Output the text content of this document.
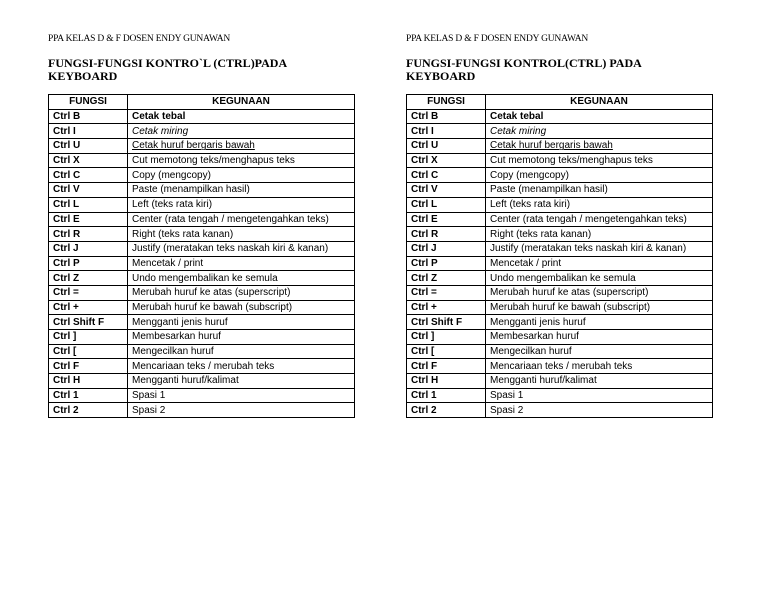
PPA KELAS D & F DOSEN ENDY GUNAWAN
FUNGSI-FUNGSI KONTRO`L (CTRL)PADA
KEYBOARD
FUNGSI	KEGUNAAN
Ctrl B	Cetak tebal
Ctrl I	Cetak miring
Ctrl U	Cetak huruf bergaris bawah
Ctrl X	Cut memotong teks/menghapus teks
Ctrl C	Copy (mengcopy)
Ctrl V	Paste (menampilkan hasil)
Ctrl L	Left (teks rata kiri)
Ctrl E	Center (rata tengah / mengetengahkan teks)
Ctrl R	Right (teks rata kanan)
Ctrl J	Justify (meratakan teks naskah kiri & kanan)
Ctrl P	Mencetak / print
Ctrl Z	Undo mengembalikan ke semula
Ctrl =	Merubah huruf ke atas (superscript)
Ctrl +	Merubah huruf ke bawah (subscript)
Ctrl Shift F	Mengganti jenis huruf
Ctrl ]	Membesarkan huruf
Ctrl [	Mengecilkan huruf
Ctrl F	Mencariaan teks / merubah teks
Ctrl H	Mengganti huruf/kalimat
Ctrl 1	Spasi 1
Ctrl 2	Spasi 2
PPA KELAS D & F DOSEN ENDY GUNAWAN
FUNGSI-FUNGSI KONTROL(CTRL) PADA
KEYBOARD
FUNGSI	KEGUNAAN
Ctrl B	Cetak tebal
Ctrl I	Cetak miring
Ctrl U	Cetak huruf bergaris bawah
Ctrl X	Cut memotong teks/menghapus teks
Ctrl C	Copy (mengcopy)
Ctrl V	Paste (menampilkan hasil)
Ctrl L	Left (teks rata kiri)
Ctrl E	Center (rata tengah / mengetengahkan teks)
Ctrl R	Right (teks rata kanan)
Ctrl J	Justify (meratakan teks naskah kiri & kanan)
Ctrl P	Mencetak / print
Ctrl Z	Undo mengembalikan ke semula
Ctrl =	Merubah huruf ke atas (superscript)
Ctrl +	Merubah huruf ke bawah (subscript)
Ctrl Shift F	Mengganti jenis huruf
Ctrl ]	Membesarkan huruf
Ctrl [	Mengecilkan huruf
Ctrl F	Mencariaan teks / merubah teks
Ctrl H	Mengganti huruf/kalimat
Ctrl 1	Spasi 1
Ctrl 2	Spasi 2
